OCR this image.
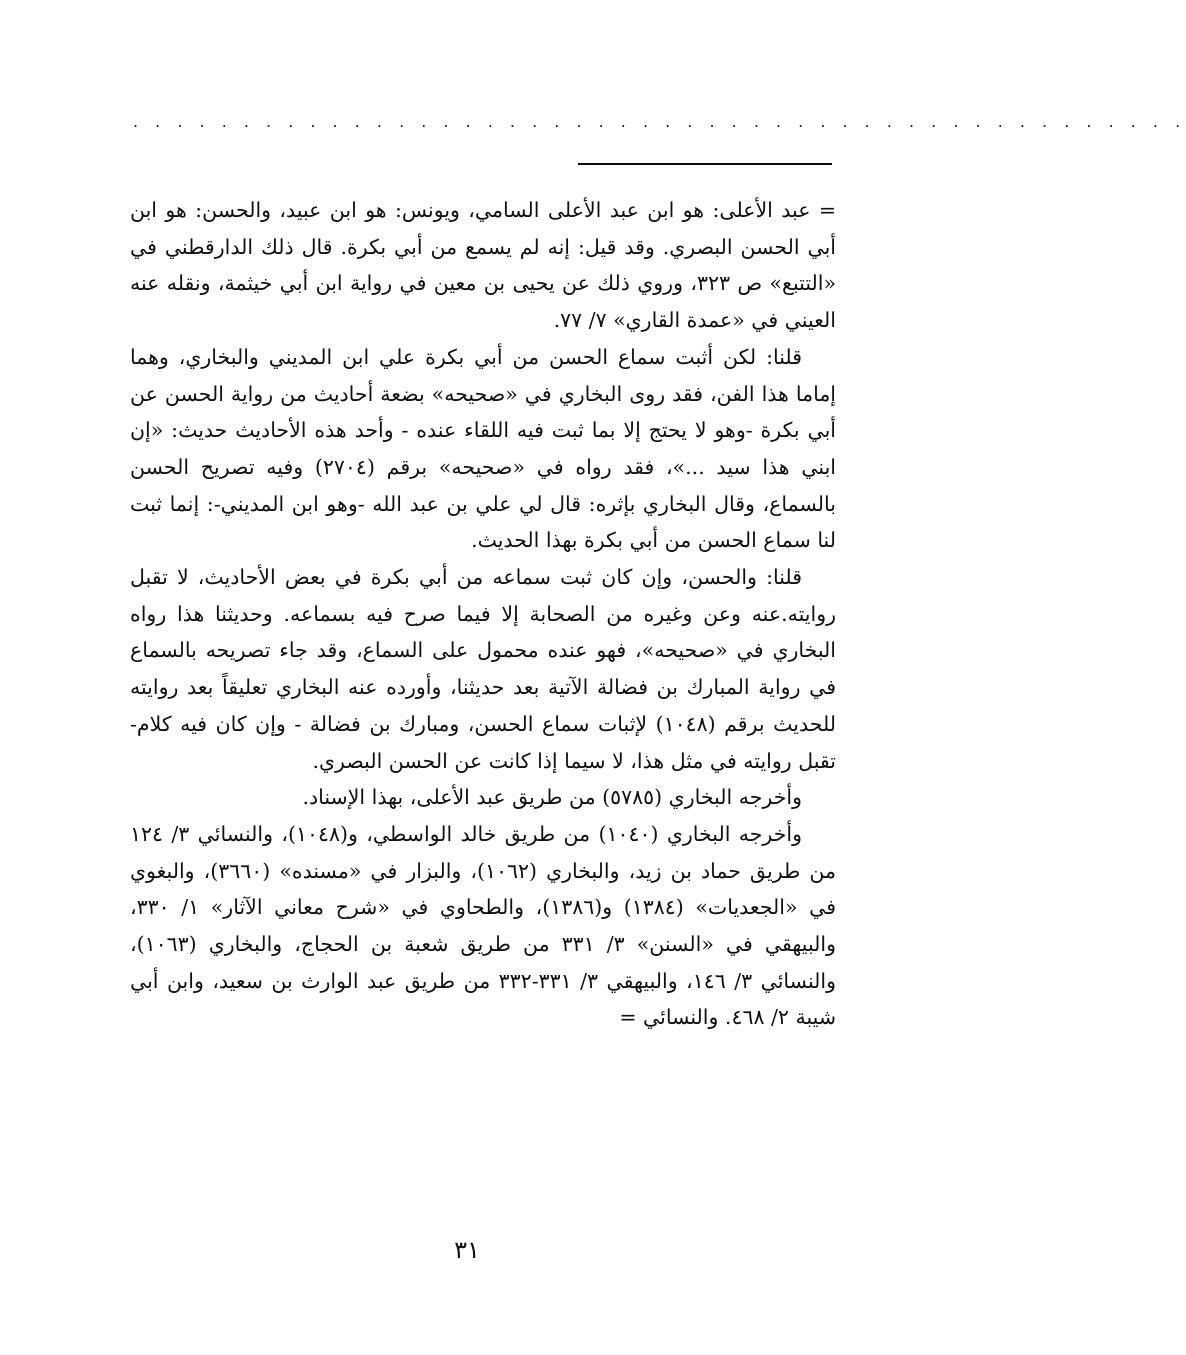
. . . . . . . . . . . . . . . . . . . . . . . . . . . . . . . . . . . . . . . . . . . . . . . .

= عبد الأعلى: هو ابن عبد الأعلى السامي، ويونس: هو ابن عبيد، والحسن: هو ابن أبي الحسن البصري. وقد قيل: إنه لم يسمع من أبي بكرة. قال ذلك الدارقطني في «التتبع» ص ٣٢٣، وروي ذلك عن يحيى بن معين في رواية ابن أبي خيثمة، ونقله عنه العيني في «عمدة القاري» ٧/ ٧٧.

قلنا: لكن أثبت سماع الحسن من أبي بكرة علي ابن المديني والبخاري، وهما إماما هذا الفن، فقد روى البخاري في «صحيحه» بضعة أحاديث من رواية الحسن عن أبي بكرة -وهو لا يحتج إلا بما ثبت فيه اللقاء عنده - وأحد هذه الأحاديث حديث: «إن ابني هذا سيد ...»، فقد رواه في «صحيحه» برقم (٢٧٠٤) وفيه تصريح الحسن بالسماع، وقال البخاري بإثره: قال لي علي بن عبد الله -وهو ابن المديني-: إنما ثبت لنا سماع الحسن من أبي بكرة بهذا الحديث.

قلنا: والحسن، وإن كان ثبت سماعه من أبي بكرة في بعض الأحاديث، لا تقبل روايته.عنه وعن وغيره من الصحابة إلا فيما صرح فيه بسماعه. وحديثنا هذا رواه البخاري في «صحيحه»، فهو عنده محمول على السماع، وقد جاء تصريحه بالسماع في رواية المبارك بن فضالة الآتية بعد حديثنا، وأورده عنه البخاري تعليقاً بعد روايته للحديث برقم (١٠٤٨) لإثبات سماع الحسن، ومبارك بن فضالة - وإن كان فيه كلام- تقبل روايته في مثل هذا، لا سيما إذا كانت عن الحسن البصري.

وأخرجه البخاري (٥٧٨٥) من طريق عبد الأعلى، بهذا الإسناد.

وأخرجه البخاري (١٠٤٠) من طريق خالد الواسطي، و(١٠٤٨)، والنسائي ٣/ ١٢٤ من طريق حماد بن زيد، والبخاري (١٠٦٢)، والبزار في «مسنده» (٣٦٦٠)، والبغوي في «الجعديات» (١٣٨٤) و(١٣٨٦)، والطحاوي في «شرح معاني الآثار» ١/ ٣٣٠، والبيهقي في «السنن» ٣/ ٣٣١ من طريق شعبة بن الحجاج، والبخاري (١٠٦٣)، والنسائي ٣/ ١٤٦، والبيهقي ٣/ ٣٣١-٣٣٢ من طريق عبد الوارث بن سعيد، وابن أبي شيبة ٢/ ٤٦٨. والنسائي =

٣١
